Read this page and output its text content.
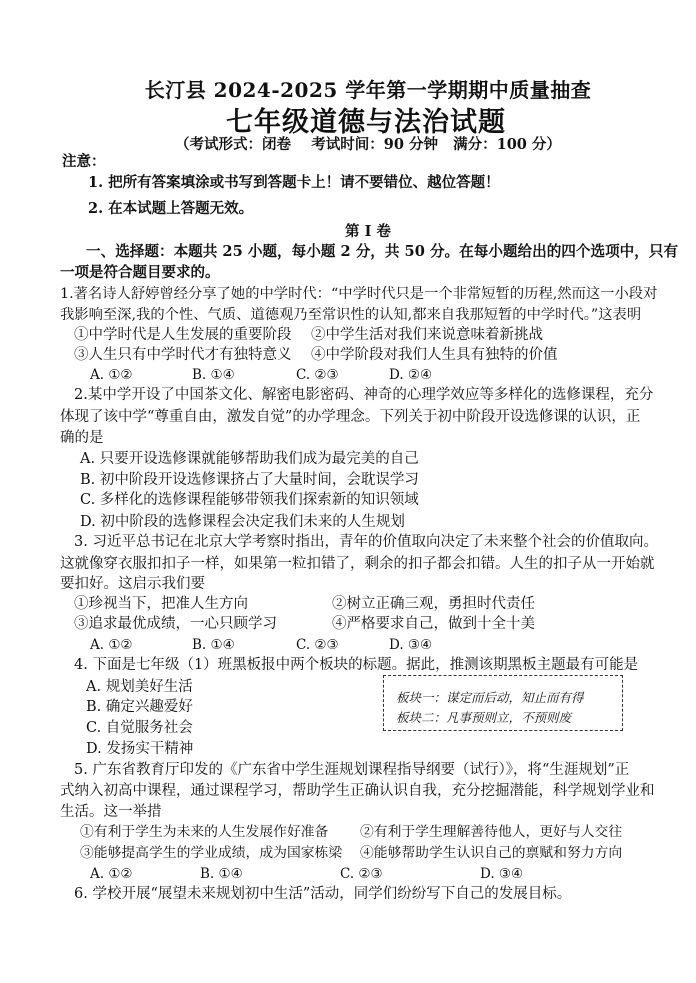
长汀县 2024-2025 学年第一学期期中质量抽查
七年级道德与法治试题
（考试形式：闭卷    考试时间：90 分钟   满分：100 分）
注意：
1. 把所有答案填涂或书写到答题卡上！请不要错位、越位答题！
2. 在本试题上答题无效。
第 I 卷
一、选择题：本题共 25 小题，每小题 2 分，共 50 分。在每小题给出的四个选项中，只有
一项是符合题目要求的。
1.著名诗人舒婷曾经分享了她的中学时代：“中学时代只是一个非常短暂的历程,然而这一小段对
我影响至深,我的个性、气质、道德观乃至常识性的认知,都来自我那短暂的中学时代。”这表明
①中学时代是人生发展的重要阶段 ②中学生活对我们来说意味着新挑战
③人生只有中学时代才有独特意义 ④中学阶段对我们人生具有独特的价值
A. ①②	B. ①④	C. ②③	D. ②④
2.某中学开设了中国茶文化、解密电影密码、神奇的心理学效应等多样化的选修课程，充分
体现了该中学“尊重自由，激发自觉”的办学理念。下列关于初中阶段开设选修课的认识，正
确的是
A. 只要开设选修课就能够帮助我们成为最完美的自己
B. 初中阶段开设选修课挤占了大量时间，会耽误学习
C. 多样化的选修课程能够带领我们探索新的知识领域
D. 初中阶段的选修课程会决定我们未来的人生规划
3. 习近平总书记在北京大学考察时指出，青年的价值取向决定了未来整个社会的价值取向。
这就像穿衣服扣扣子一样，如果第一粒扣错了，剩余的扣子都会扣错。人生的扣子从一开始就
要扣好。这启示我们要
①珍视当下，把准人生方向	②树立正确三观，勇担时代责任
③追求最优成绩，一心只顾学习	④严格要求自己，做到十全十美
A. ①②	B. ①④	C. ②③	D. ③④
4. 下面是七年级（1）班黑板报中两个板块的标题。据此，推测该期黑板主题最有可能是
A. 规划美好生活
B. 确定兴趣爱好
C. 自觉服务社会
D. 发扬实干精神
板块一：谋定而后动，知止而有得
板块二：凡事预则立，不预则废
5. 广东省教育厅印发的《广东省中学生涯规划课程指导纲要（试行）》，将“生涯规划”正
式纳入初高中课程，通过课程学习，帮助学生正确认识自我，充分挖掘潜能，科学规划学业和
生活。这一举措
①有利于学生为未来的人生发展作好准备 ②有利于学生理解善待他人，更好与人交往
③能够提高学生的学业成绩，成为国家栋梁 ④能够帮助学生认识自己的禀赋和努力方向
A. ①②	B. ①④	C. ②③	D. ③④
6. 学校开展“展望未来规划初中生活”活动，同学们纷纷写下自己的发展目标。
